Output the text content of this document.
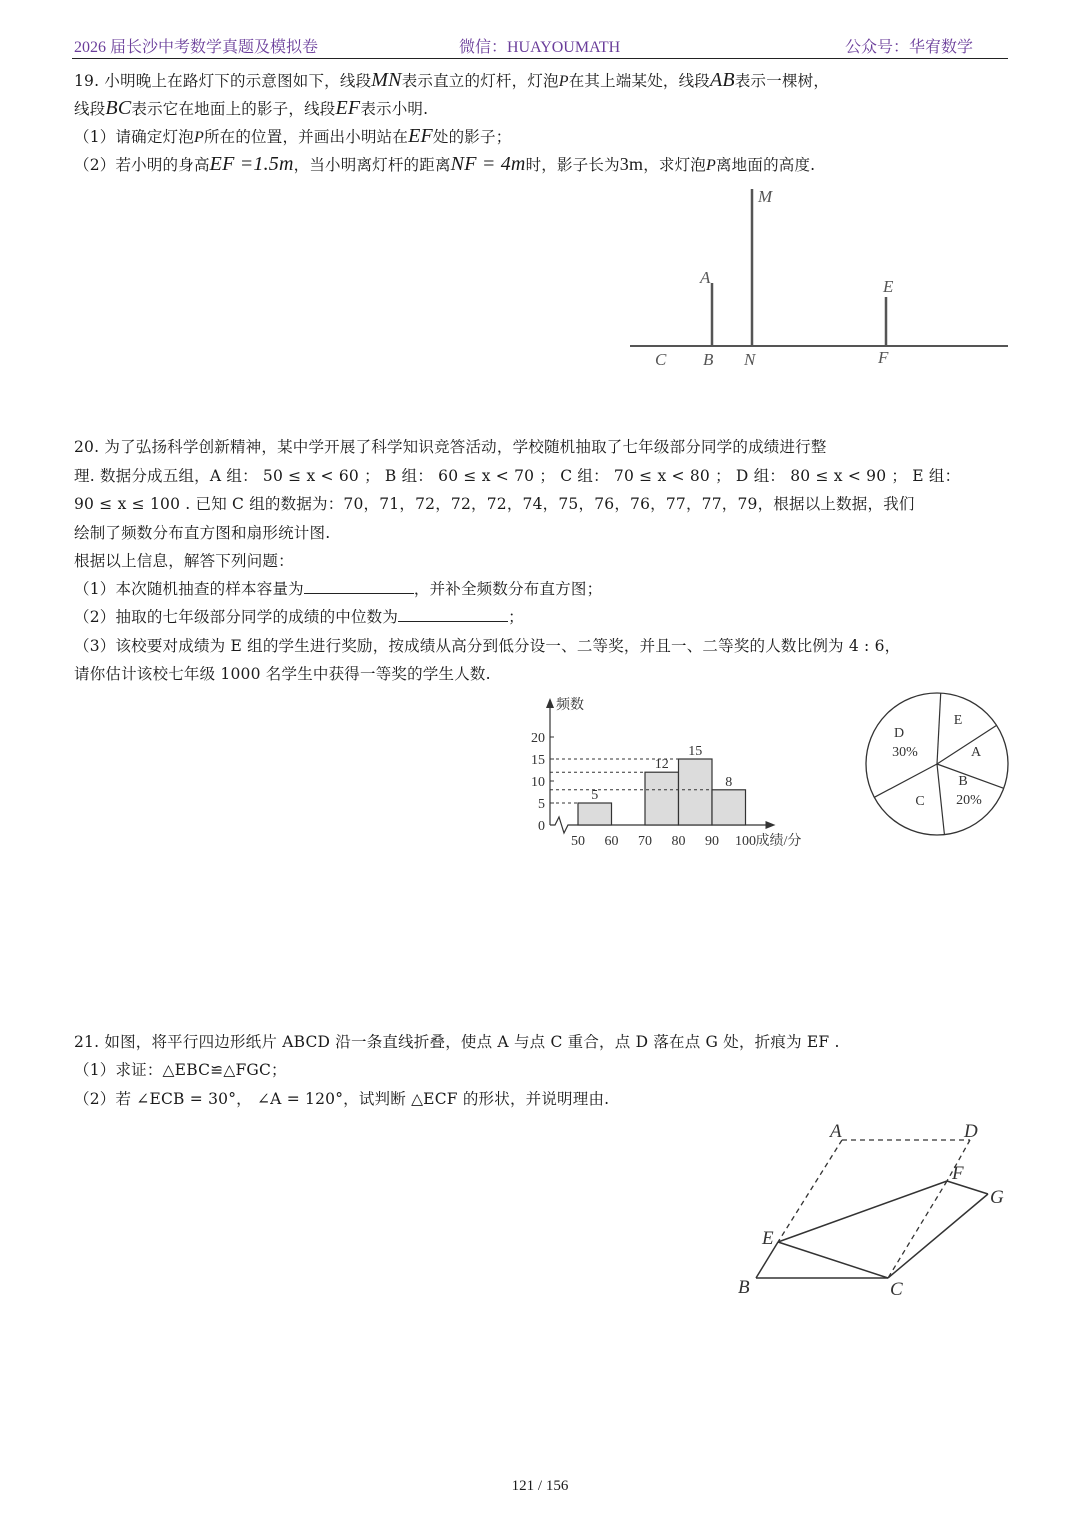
2026 届长沙中考数学真题及模拟卷	微信：HUAYOUMATH	公众号：华宥数学
19. 小明晚上在路灯下的示意图如下，线段MN表示直立的灯杆，灯泡P在其上端某处，线段AB表示一棵树，
线段BC表示它在地面上的影子，线段EF表示小明.
（1）请确定灯泡P所在的位置，并画出小明站在EF处的影子；
（2）若小明的身高EF =1.5m，当小明离灯杆的距离NF = 4m时，影子长为3m，求灯泡P离地面的高度.
M
A	E
C B N	F
20. 为了弘扬科学创新精神，某中学开展了科学知识竞答活动，学校随机抽取了七年级部分同学的成绩进行整
理. 数据分成五组，A 组： 50 ≤ x < 60 ； B 组： 60 ≤ x < 70 ； C 组： 70 ≤ x < 80 ； D 组： 80 ≤ x < 90 ； E 组：
90 ≤ x ≤ 100 . 已知 C 组的数据为：70，71，72，72，72，74，75，76，76，77，77，79，根据以上数据，我们
绘制了频数分布直方图和扇形统计图.
根据以上信息，解答下列问题：
（1）本次随机抽查的样本容量为	，并补全频数分布直方图；
（2）抽取的七年级部分同学的成绩的中位数为	；
（3）该校要对成绩为 E 组的学生进行奖励，按成绩从高分到低分设一、二等奖，并且一、二等奖的人数比例为 4 : 6，
请你估计该校七年级 1000 名学生中获得一等奖的学生人数.
频数
成绩/分
0
5
10
15
20
50 60 70 80 90 100
5
12
15
8
E
A
B
20%
C
D
30%
21. 如图，将平行四边形纸片 ABCD 沿一条直线折叠，使点 A 与点 C 重合，点 D 落在点 G 处，折痕为 EF .
（1）求证：△EBC≌△FGC；
（2）若 ∠ECB = 30°， ∠A = 120°，试判断 △ECF 的形状，并说明理由.
A	D
F
G
E
B	C
121 / 156
